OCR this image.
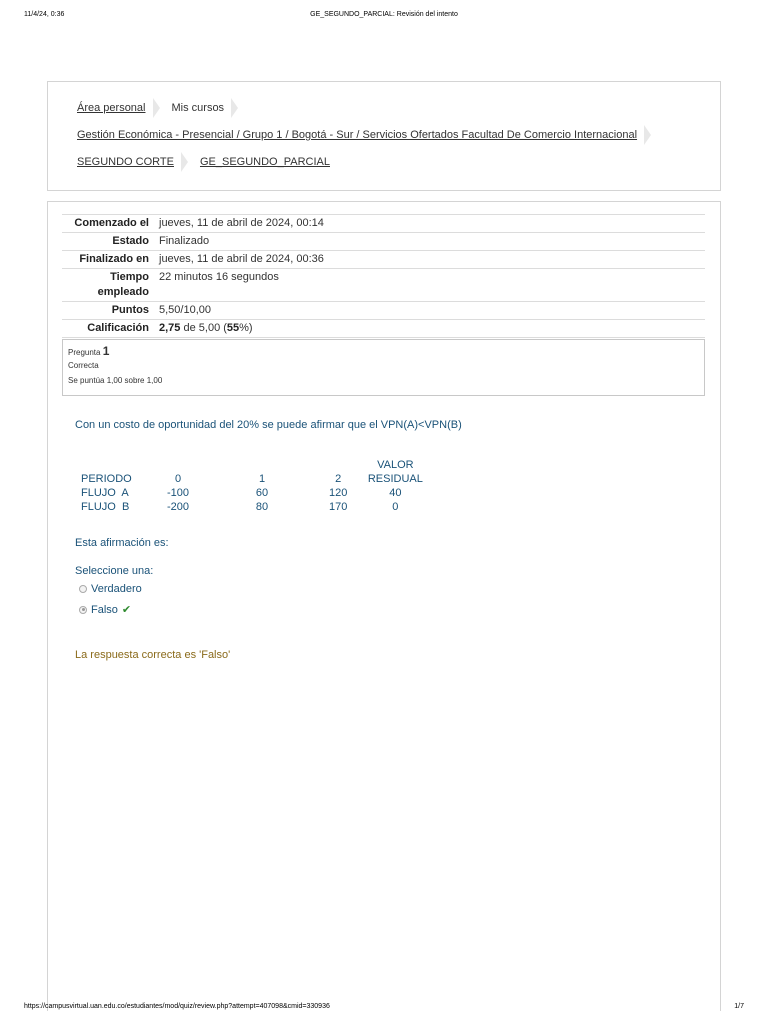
11/4/24, 0:36	GE_SEGUNDO_PARCIAL: Revisión del intento
Área personal Mis cursos
Gestión Económica - Presencial / Grupo 1 / Bogotá - Sur / Servicios Ofertados Facultad De Comercio Internacional
SEGUNDO CORTE GE_SEGUNDO_PARCIAL
Comenzado el jueves, 11 de abril de 2024, 00:14
Estado Finalizado
Finalizado en jueves, 11 de abril de 2024, 00:36
Tiempo
empleado
22 minutos 16 segundos
Puntos 5,50/10,00
Calificación 2,75 de 5,00 (55%)
Pregunta 1
Correcta
Se puntúa 1,00 sobre 1,00
Con un costo de oportunidad del 20% se puede afirmar que el VPN(A)<VPN(B)
PERIODO	0	1	2	VALOR
RESIDUAL
FLUJO  A	-100	60	120	40
FLUJO  B	-200	80	170	0
Esta afirmación es:
Seleccione una:
Verdadero
Falso ✔
La respuesta correcta es 'Falso'
https://campusvirtual.uan.edu.co/estudiantes/mod/quiz/review.php?attempt=407098&cmid=330936	1/7
